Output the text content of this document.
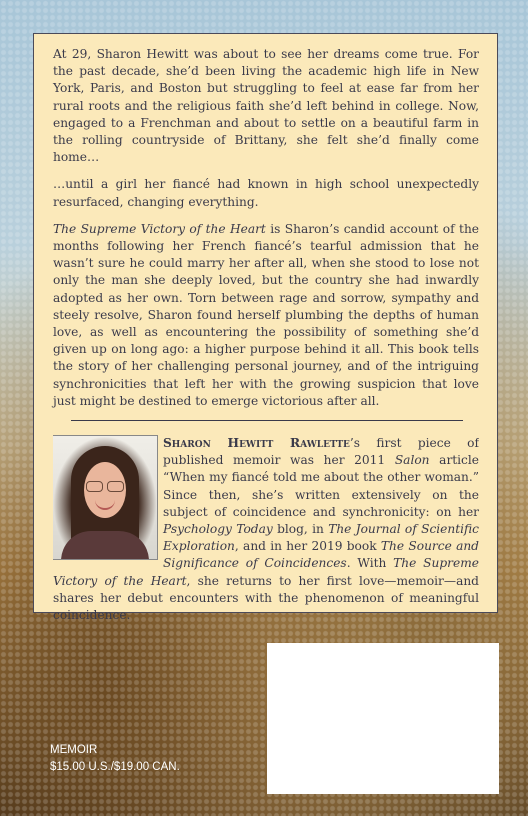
At 29, Sharon Hewitt was about to see her dreams come true. For the past decade, she’d been living the academic high life in New York, Paris, and Boston but struggling to feel at ease far from her rural roots and the religious faith she’d left behind in college. Now, engaged to a Frenchman and about to settle on a beautiful farm in the rolling countryside of Brittany, she felt she’d finally come home…

…until a girl her fiancé had known in high school unexpectedly resurfaced, changing everything.

The Supreme Victory of the Heart is Sharon’s candid account of the months following her French fiancé’s tearful admission that he wasn’t sure he could marry her after all, when she stood to lose not only the man she deeply loved, but the country she had inwardly adopted as her own. Torn between rage and sorrow, sympathy and steely resolve, Sharon found herself plumbing the depths of human love, as well as encountering the possibility of something she’d given up on long ago: a higher purpose behind it all. This book tells the story of her challenging personal journey, and of the intriguing synchronicities that left her with the growing suspicion that love just might be destined to emerge victorious after all.

Sharon Hewitt Rawlette’s first piece of published memoir was her 2011 Salon article “When my fiancé told me about the other woman.” Since then, she’s written extensively on the subject of coincidence and synchronicity: on her Psychology Today blog, in The Journal of Scientific Exploration, and in her 2019 book The Source and Significance of Coincidences. With The Supreme Victory of the Heart, she returns to her first love—memoir—and shares her debut encounters with the phenomenon of meaningful coincidence.
MEMOIR
$15.00 U.S./$19.00 CAN.
